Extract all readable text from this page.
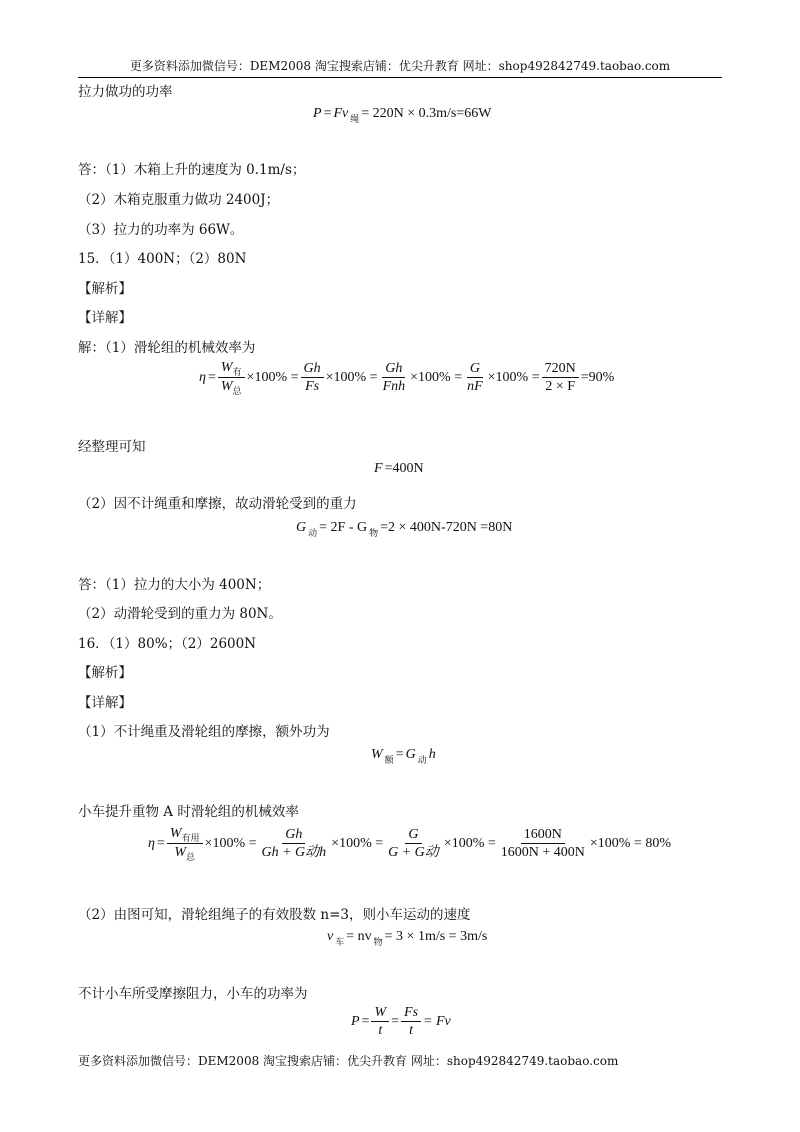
更多资料添加微信号：DEM2008 淘宝搜索店铺：优尖升教育 网址：shop492842749.taobao.com
拉力做功的功率
P = Fv 绳 = 220N × 0.3m/s=66W
答：（1）木箱上升的速度为 0.1m/s；
（2）木箱克服重力做功 2400J；
（3）拉力的功率为 66W。
15．（1）400N；（2）80N
【解析】
【详解】
解：（1）滑轮组的机械效率为
$\eta = \frac{W_有}{W_总} \times 100\% = \frac{Gh}{Fs} \times 100\% = \frac{Gh}{\text{Fnh}} \times 100\% = \frac{G}{nF} \times 100\% = \frac{720N}{2 \times F} =90\%$
经整理可知
F =400N
（2）因不计绳重和摩擦，故动滑轮受到的重力
G 动 = 2F - G 物 =2 × 400N-720N =80N
答：（1）拉力的大小为 400N；
（2）动滑轮受到的重力为 80N。
16．（1）80%；（2）2600N
【解析】
【详解】
（1）不计绳重及滑轮组的摩擦，额外功为
W 额 = G 动 h
小车提升重物 A 时滑轮组的机械效率
$\eta = \frac{W_{有用}}{W_总} \times 100\% = \frac{Gh}{\text{Gh + G动h}} \times 100\% = \frac{G}{\text{G + G动}} \times 100\% = \frac{1600N}{1600N + 400N} \times 100\% = 80\%$
（2）由图可知，滑轮组绳子的有效股数 n=3，则小车运动的速度
v 车 = nv 物 = 3 × 1m/s = 3m/s
不计小车所受摩擦阻力，小车的功率为
$P = \frac{W}{t} = \frac{Fs}{t} = Fv$
更多资料添加微信号：DEM2008 淘宝搜索店铺：优尖升教育 网址：shop492842749.taobao.com
